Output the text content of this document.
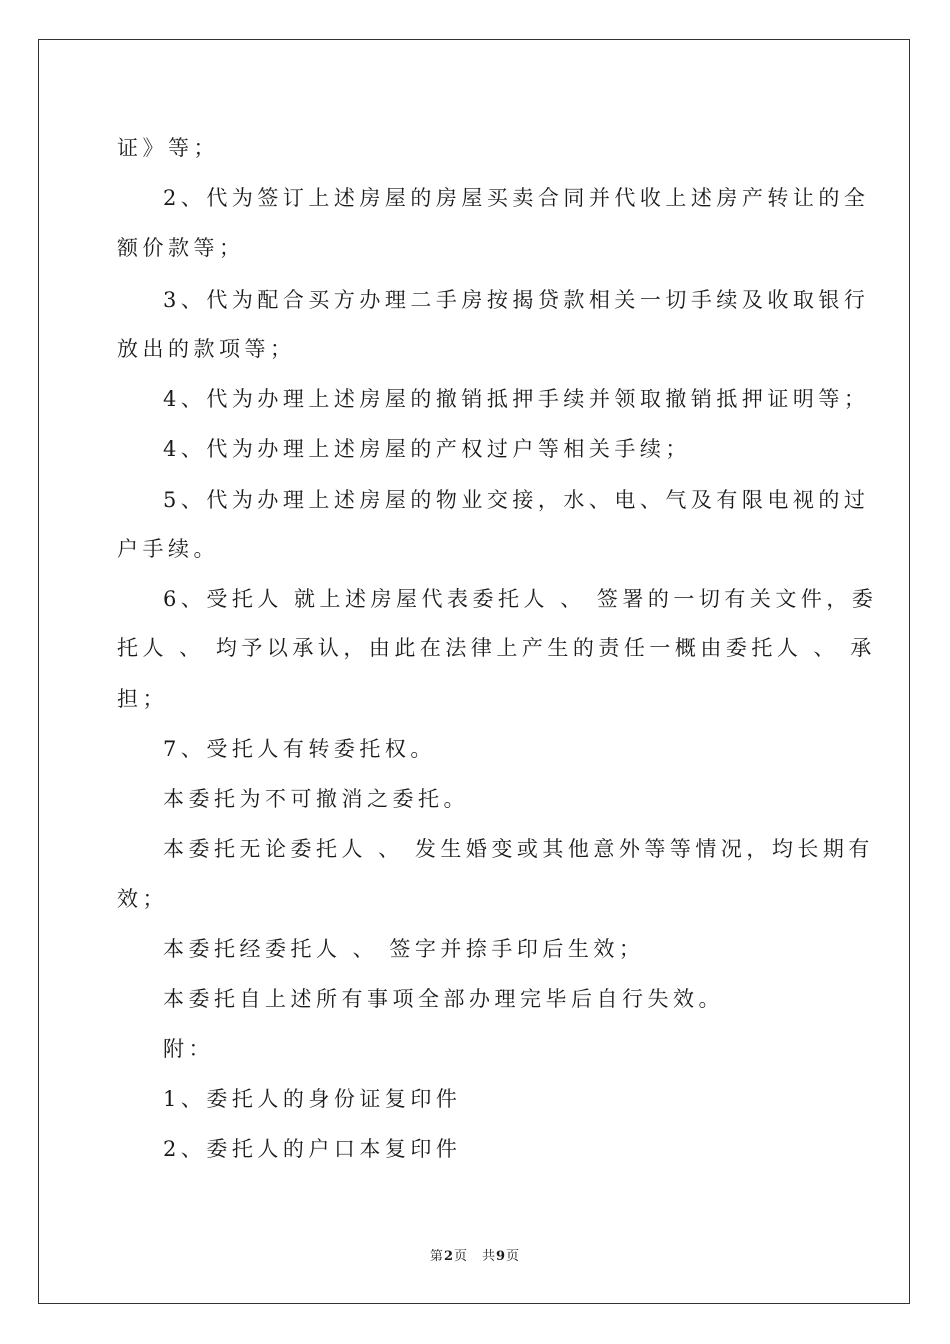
证》等；
2、代为签订上述房屋的房屋买卖合同并代收上述房产转让的全
额价款等；
3、代为配合买方办理二手房按揭贷款相关一切手续及收取银行
放出的款项等；
4、代为办理上述房屋的撤销抵押手续并领取撤销抵押证明等；
4、代为办理上述房屋的产权过户等相关手续；
5、代为办理上述房屋的物业交接，水、电、气及有限电视的过
户手续。
6、受托人 就上述房屋代表委托人 、 签署的一切有关文件，委
托人 、 均予以承认，由此在法律上产生的责任一概由委托人 、 承
担；
7、受托人有转委托权。
本委托为不可撤消之委托。
本委托无论委托人 、 发生婚变或其他意外等等情况，均长期有
效；
本委托经委托人 、 签字并捺手印后生效；
本委托自上述所有事项全部办理完毕后自行失效。
附：
1、委托人的身份证复印件
2、委托人的户口本复印件
第2页　共9页
